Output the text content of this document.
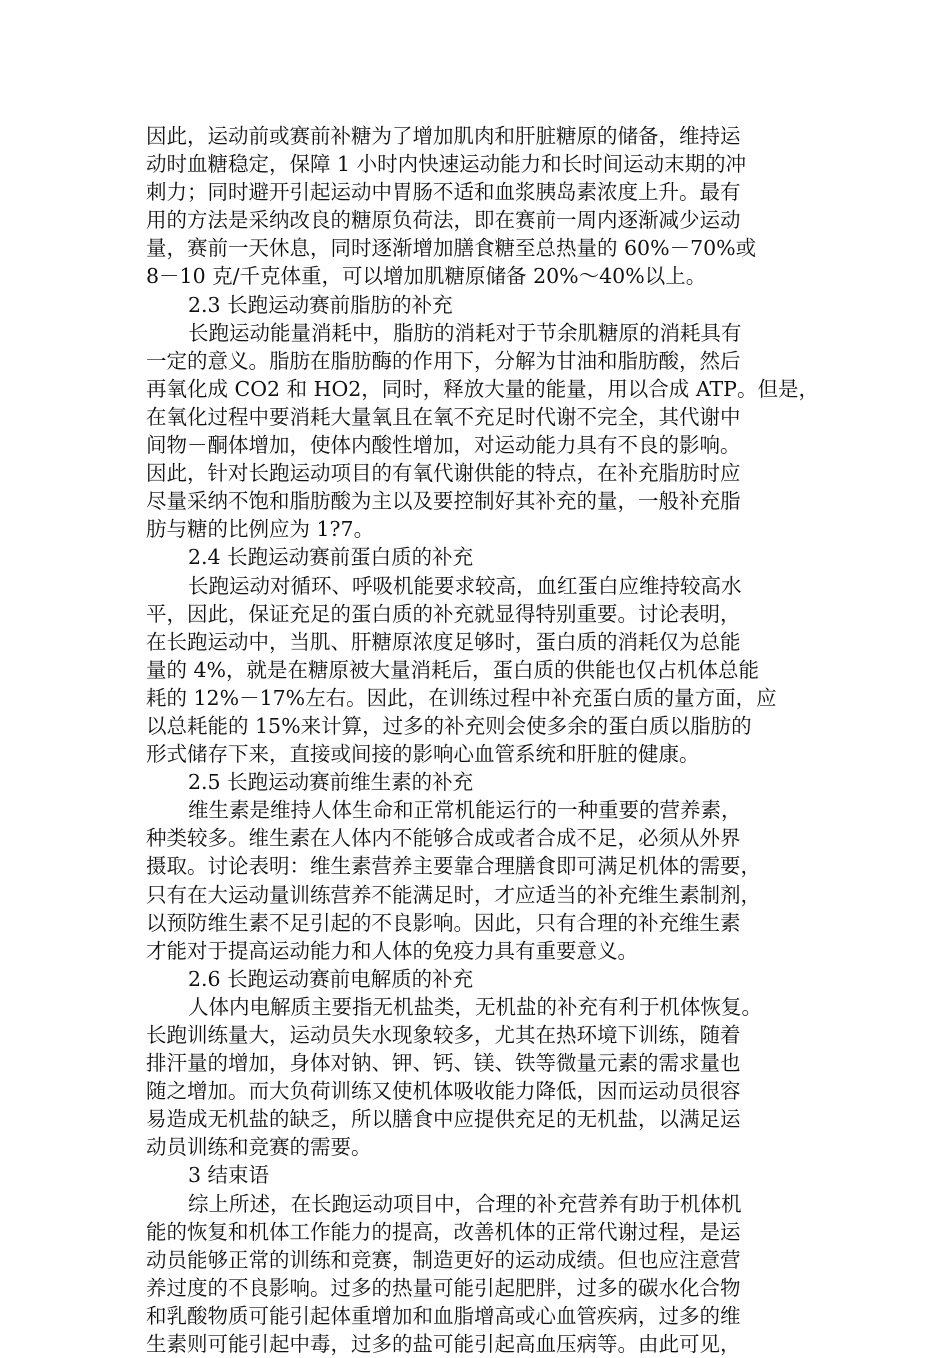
因此，运动前或赛前补糖为了增加肌肉和肝脏糖原的储备，维持运
动时血糖稳定，保障 1 小时内快速运动能力和长时间运动末期的冲
刺力；同时避开引起运动中胃肠不适和血浆胰岛素浓度上升。最有
用的方法是采纳改良的糖原负荷法，即在赛前一周内逐渐减少运动
量，赛前一天休息，同时逐渐增加膳食糖至总热量的 60%－70%或
8－10 克/千克体重，可以增加肌糖原储备 20%～40%以上。
2.3 长跑运动赛前脂肪的补充
长跑运动能量消耗中，脂肪的消耗对于节余肌糖原的消耗具有
一定的意义。脂肪在脂肪酶的作用下，分解为甘油和脂肪酸，然后
再氧化成 CO2 和 HO2，同时，释放大量的能量，用以合成 ATP。但是，
在氧化过程中要消耗大量氧且在氧不充足时代谢不完全，其代谢中
间物－酮体增加，使体内酸性增加，对运动能力具有不良的影响。
因此，针对长跑运动项目的有氧代谢供能的特点，在补充脂肪时应
尽量采纳不饱和脂肪酸为主以及要控制好其补充的量，一般补充脂
肪与糖的比例应为 1?7。
2.4 长跑运动赛前蛋白质的补充
长跑运动对循环、呼吸机能要求较高，血红蛋白应维持较高水
平，因此，保证充足的蛋白质的补充就显得特别重要。讨论表明，
在长跑运动中，当肌、肝糖原浓度足够时，蛋白质的消耗仅为总能
量的 4%，就是在糖原被大量消耗后，蛋白质的供能也仅占机体总能
耗的 12%－17%左右。因此，在训练过程中补充蛋白质的量方面，应
以总耗能的 15%来计算，过多的补充则会使多余的蛋白质以脂肪的
形式储存下来，直接或间接的影响心血管系统和肝脏的健康。
2.5 长跑运动赛前维生素的补充
维生素是维持人体生命和正常机能运行的一种重要的营养素，
种类较多。维生素在人体内不能够合成或者合成不足，必须从外界
摄取。讨论表明：维生素营养主要靠合理膳食即可满足机体的需要，
只有在大运动量训练营养不能满足时，才应适当的补充维生素制剂，
以预防维生素不足引起的不良影响。因此，只有合理的补充维生素
才能对于提高运动能力和人体的免疫力具有重要意义。
2.6 长跑运动赛前电解质的补充
人体内电解质主要指无机盐类，无机盐的补充有利于机体恢复。
长跑训练量大，运动员失水现象较多，尤其在热环境下训练，随着
排汗量的增加，身体对钠、钾、钙、镁、铁等微量元素的需求量也
随之增加。而大负荷训练又使机体吸收能力降低，因而运动员很容
易造成无机盐的缺乏，所以膳食中应提供充足的无机盐，以满足运
动员训练和竞赛的需要。
3 结束语
综上所述，在长跑运动项目中，合理的补充营养有助于机体机
能的恢复和机体工作能力的提高，改善机体的正常代谢过程，是运
动员能够正常的训练和竞赛，制造更好的运动成绩。但也应注意营
养过度的不良影响。过多的热量可能引起肥胖，过多的碳水化合物
和乳酸物质可能引起体重增加和血脂增高或心血管疾病，过多的维
生素则可能引起中毒，过多的盐可能引起高血压病等。由此可见，
